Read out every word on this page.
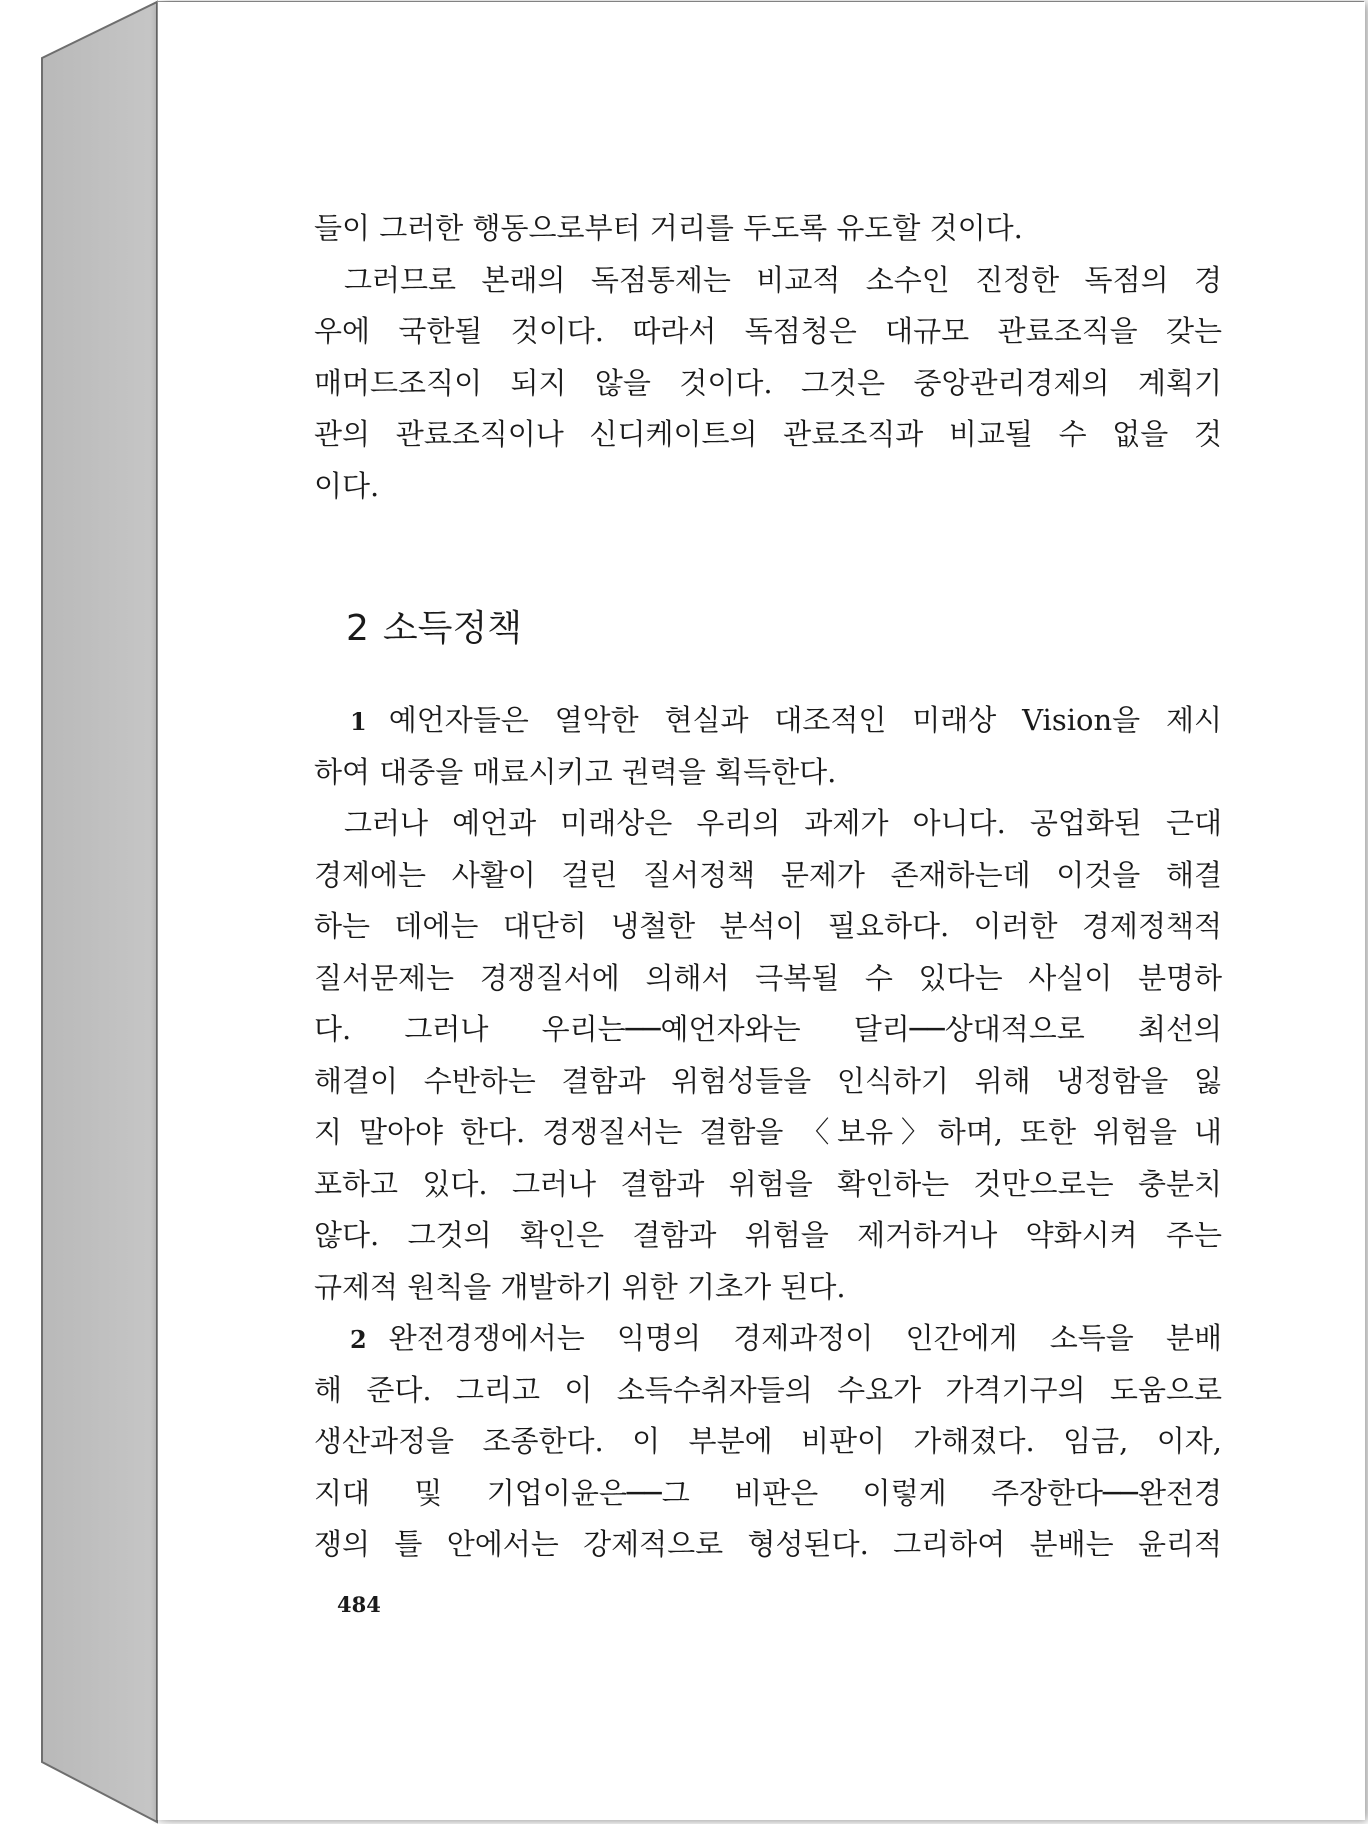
들이 그러한 행동으로부터 거리를 두도록 유도할 것이다.
그러므로 본래의 독점통제는 비교적 소수인 진정한 독점의 경
우에 국한될 것이다. 따라서 독점청은 대규모 관료조직을 갖는
매머드조직이 되지 않을 것이다. 그것은 중앙관리경제의 계획기
관의 관료조직이나 신디케이트의 관료조직과 비교될 수 없을 것
이다.
2 소득정책
1 예언자들은 열악한 현실과 대조적인 미래상 Vision을 제시
하여 대중을 매료시키고 권력을 획득한다.
그러나 예언과 미래상은 우리의 과제가 아니다. 공업화된 근대
경제에는 사활이 걸린 질서정책 문제가 존재하는데 이것을 해결
하는 데에는 대단히 냉철한 분석이 필요하다. 이러한 경제정책적
질서문제는 경쟁질서에 의해서 극복될 수 있다는 사실이 분명하
다. 그러나 우리는──예언자와는 달리──상대적으로 최선의
해결이 수반하는 결함과 위험성들을 인식하기 위해 냉정함을 잃
지 말아야 한다. 경쟁질서는 결함을 〈보유〉하며, 또한 위험을 내
포하고 있다. 그러나 결함과 위험을 확인하는 것만으로는 충분치
않다. 그것의 확인은 결함과 위험을 제거하거나 약화시켜 주는
규제적 원칙을 개발하기 위한 기초가 된다.
2 완전경쟁에서는 익명의 경제과정이 인간에게 소득을 분배
해 준다. 그리고 이 소득수취자들의 수요가 가격기구의 도움으로
생산과정을 조종한다. 이 부분에 비판이 가해졌다. 임금, 이자,
지대 및 기업이윤은──그 비판은 이렇게 주장한다──완전경
쟁의 틀 안에서는 강제적으로 형성된다. 그리하여 분배는 윤리적
484
